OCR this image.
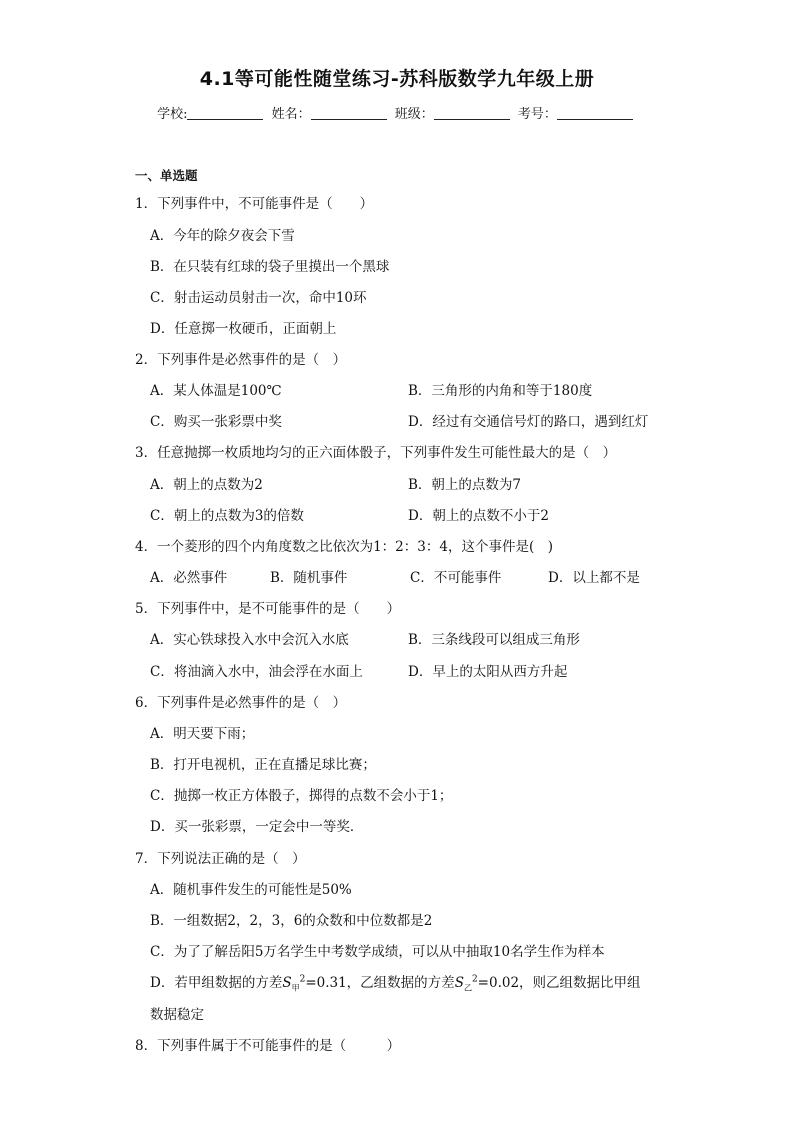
4.1等可能性随堂练习-苏科版数学九年级上册
学校:	姓名：	班级：	考号：
一、单选题
1．下列事件中，不可能事件是（　　）
A．今年的除夕夜会下雪
B．在只装有红球的袋子里摸出一个黑球
C．射击运动员射击一次，命中10环
D．任意掷一枚硬币，正面朝上
2．下列事件是必然事件的是（　）
A．某人体温是100℃	B．三角形的内角和等于180度
C．购买一张彩票中奖	D．经过有交通信号灯的路口，遇到红灯
3．任意抛掷一枚质地均匀的正六面体骰子，下列事件发生可能性最大的是（　）
A．朝上的点数为2	B．朝上的点数为7
C．朝上的点数为3的倍数	D．朝上的点数不小于2
4．一个菱形的四个内角度数之比依次为1：2：3：4，这个事件是(　)
A．必然事件	B．随机事件	C．不可能事件	D．以上都不是
5．下列事件中，是不可能事件的是（　　）
A．实心铁球投入水中会沉入水底	B．三条线段可以组成三角形
C．将油滴入水中，油会浮在水面上	D．早上的太阳从西方升起
6．下列事件是必然事件的是（　）
A．明天要下雨；
B．打开电视机，正在直播足球比赛；
C．抛掷一枚正方体骰子，掷得的点数不会小于1；
D．买一张彩票，一定会中一等奖．
7．下列说法正确的是（　）
A．随机事件发生的可能性是50%
B．一组数据2，2，3，6的众数和中位数都是2
C．为了了解岳阳5万名学生中考数学成绩，可以从中抽取10名学生作为样本
D．若甲组数据的方差$S_甲^2=0.31$，乙组数据的方差$S_乙^2=0.02$，则乙组数据比甲组
数据稳定
8．下列事件属于不可能事件的是（　　　）
